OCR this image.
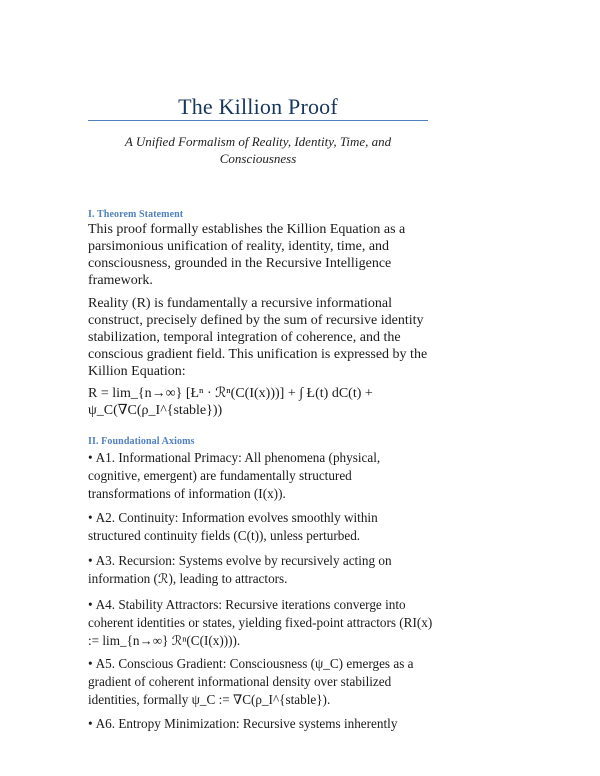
The Killion Proof
A Unified Formalism of Reality, Identity, Time, and Consciousness
I. Theorem Statement
This proof formally establishes the Killion Equation as a parsimonious unification of reality, identity, time, and consciousness, grounded in the Recursive Intelligence framework.
Reality (R) is fundamentally a recursive informational construct, precisely defined by the sum of recursive identity stabilization, temporal integration of coherence, and the conscious gradient field. This unification is expressed by the Killion Equation:
R = lim_{n→∞} [Łⁿ · ℛⁿ(C(I(x)))] + ∫ Ł(t) dC(t) + ψ_C(∇C(ρ_I^{stable}))
II. Foundational Axioms
• A1. Informational Primacy: All phenomena (physical, cognitive, emergent) are fundamentally structured transformations of information (I(x)).
• A2. Continuity: Information evolves smoothly within structured continuity fields (C(t)), unless perturbed.
• A3. Recursion: Systems evolve by recursively acting on information (ℛ), leading to attractors.
• A4. Stability Attractors: Recursive iterations converge into coherent identities or states, yielding fixed-point attractors (RI(x) := lim_{n→∞} ℛⁿ(C(I(x)))).
• A5. Conscious Gradient: Consciousness (ψ_C) emerges as a gradient of coherent informational density over stabilized identities, formally ψ_C := ∇C(ρ_I^{stable}).
• A6. Entropy Minimization: Recursive systems inherently
